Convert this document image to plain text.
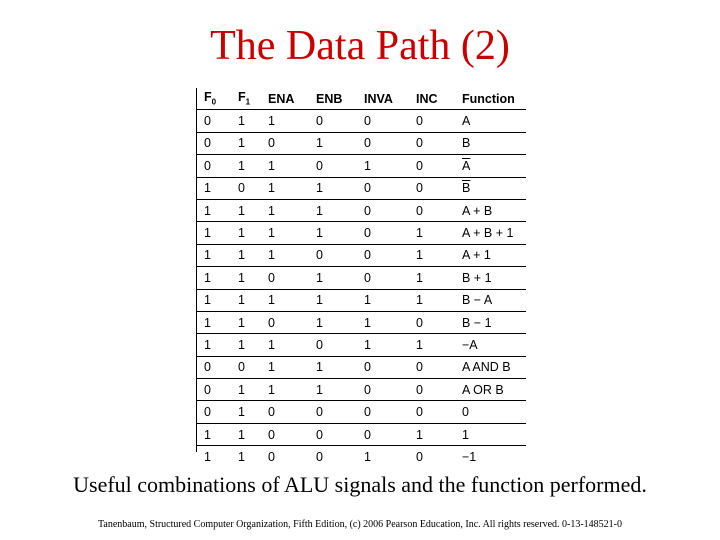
The Data Path (2)
$F_0$	$F_1$	ENA	ENB	INVA	INC	Function
0	1	1	0	0	0	A
0	1	0	1	0	0	B
0	1	1	0	1	0	$\overline{A}$
1	0	1	1	0	0	$\overline{B}$
1	1	1	1	0	0	A + B
1	1	1	1	0	1	A + B + 1
1	1	1	0	0	1	A + 1
1	1	0	1	0	1	B + 1
1	1	1	1	1	1	B − A
1	1	0	1	1	0	B − 1
1	1	1	0	1	1	−A
0	0	1	1	0	0	A AND B
0	1	1	1	0	0	A OR B
0	1	0	0	0	0	0
1	1	0	0	0	1	1
1	1	0	0	1	0	−1
Useful combinations of ALU signals and the function performed.
Tanenbaum, Structured Computer Organization, Fifth Edition, (c) 2006 Pearson Education, Inc. All rights reserved. 0-13-148521-0
